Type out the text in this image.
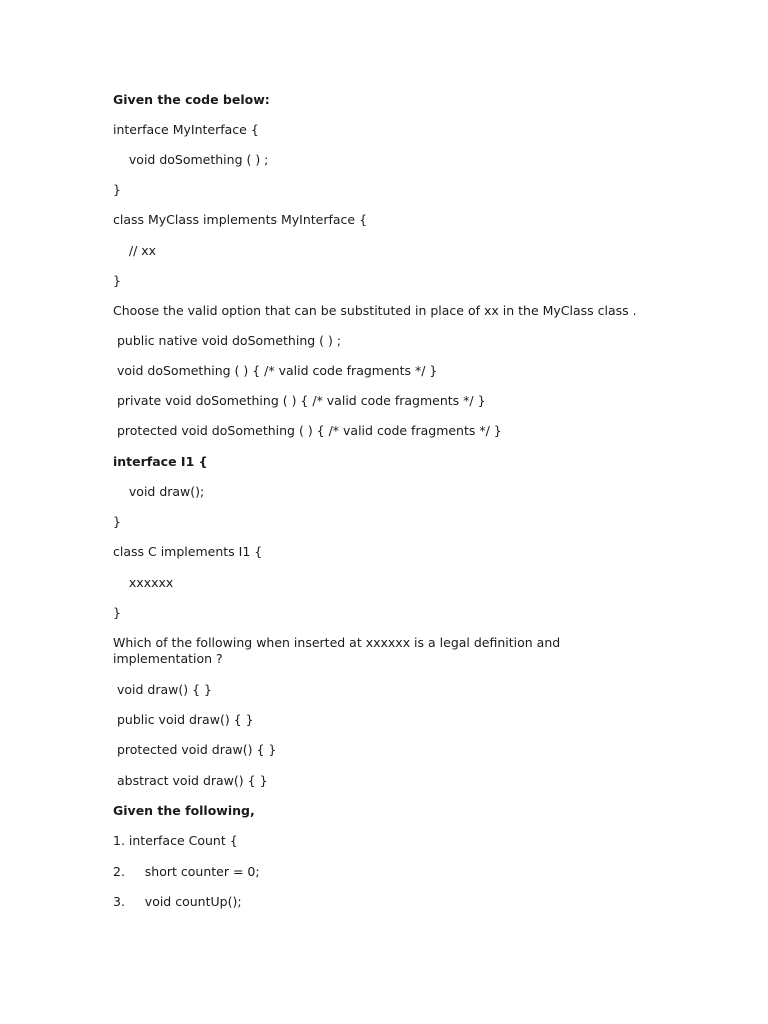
Given the code below:
interface MyInterface {
void doSomething ( ) ;
}
class MyClass implements MyInterface {
// xx
}
Choose the valid option that can be substituted in place of xx in the MyClass class .
public native void doSomething ( ) ;
void doSomething ( ) { /* valid code fragments */ }
private void doSomething ( ) { /* valid code fragments */ }
protected void doSomething ( ) { /* valid code fragments */ }
interface I1 {
void draw();
}
class C implements I1 {
xxxxxx
}
Which of the following when inserted at xxxxxx is a legal definition and implementation ?
void draw() { }
public void draw() { }
protected void draw() { }
abstract void draw() { }
Given the following,
1. interface Count {
2.     short counter = 0;
3.     void countUp();
